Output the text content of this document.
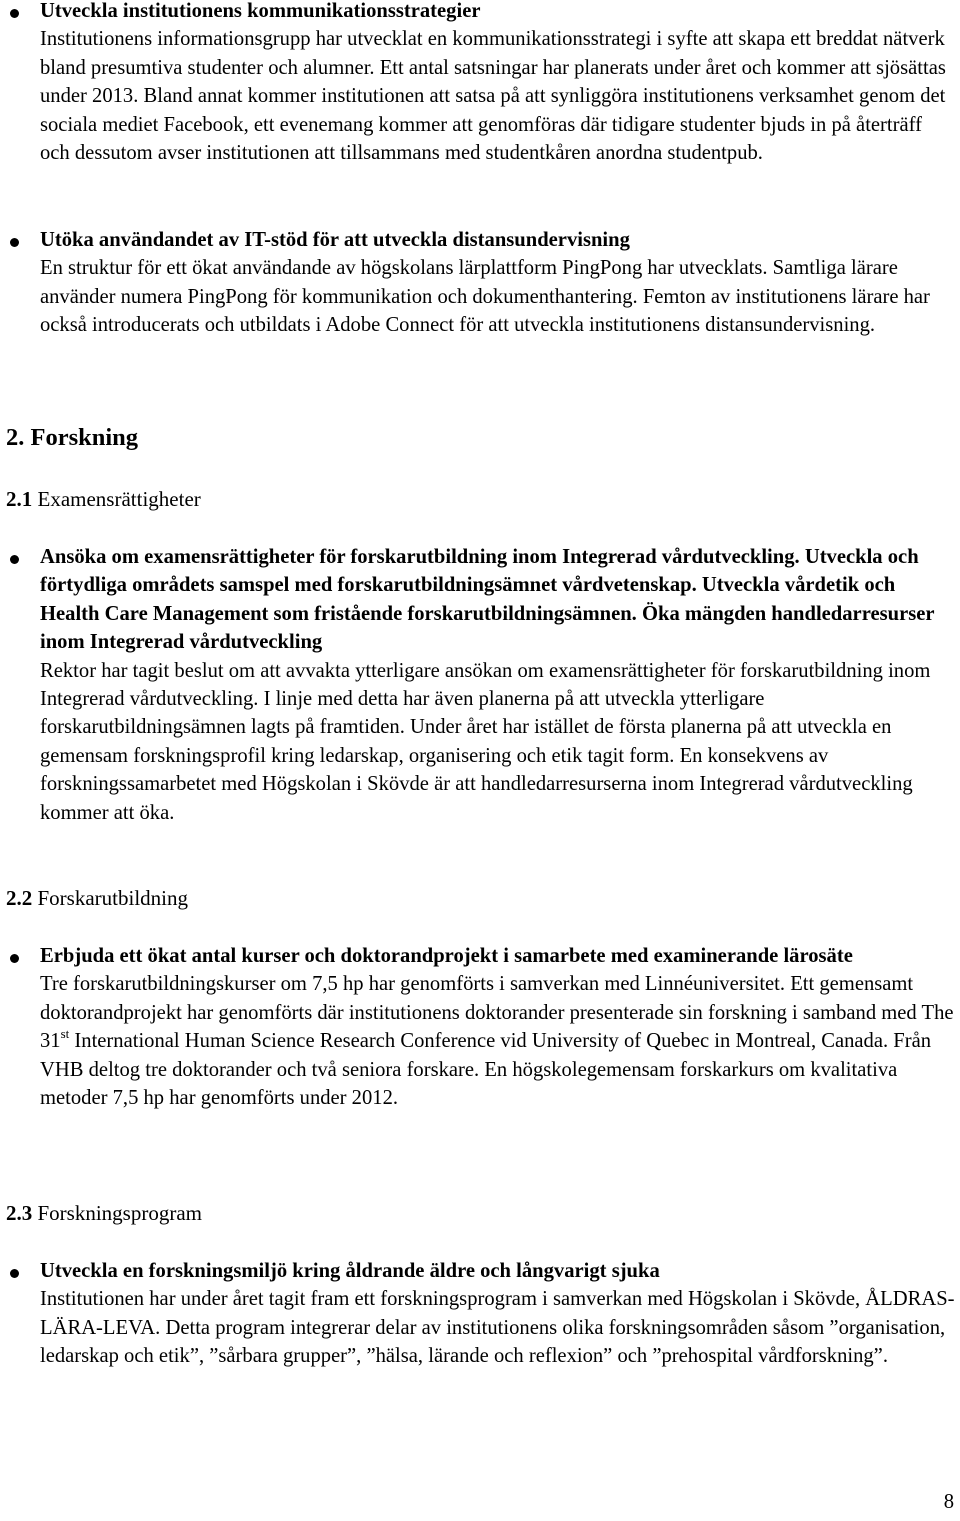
Utveckla institutionens kommunikationsstrategier

Institutionens informationsgrupp har utvecklat en kommunikationsstrategi i syfte att skapa ett breddat nätverk bland presumtiva studenter och alumner. Ett antal satsningar har planerats under året och kommer att sjösättas under 2013. Bland annat kommer institutionen att satsa på att synliggöra institutionens verksamhet genom det sociala mediet Facebook, ett evenemang kommer att genomföras där tidigare studenter bjuds in på återträff och dessutom avser institutionen att tillsammans med studentkåren anordna studentpub.

Utöka användandet av IT-stöd för att utveckla distansundervisning

En struktur för ett ökat användande av högskolans lärplattform PingPong har utvecklats. Samtliga lärare använder numera PingPong för kommunikation och dokumenthantering. Femton av institutionens lärare har också introducerats och utbildats i Adobe Connect för att utveckla institutionens distansundervisning.

2. Forskning
2.1 Examensrättigheter

Ansöka om examensrättigheter för forskarutbildning inom Integrerad vårdutveckling. Utveckla och förtydliga områdets samspel med forskarutbildningsämnet vårdvetenskap. Utveckla vårdetik och Health Care Management som fristående forskarutbildningsämnen. Öka mängden handledarresurser inom Integrerad vårdutveckling

Rektor har tagit beslut om att avvakta ytterligare ansökan om examensrättigheter för forskarutbildning inom Integrerad vårdutveckling. I linje med detta har även planerna på att utveckla ytterligare forskarutbildningsämnen lagts på framtiden. Under året har istället de första planerna på att utveckla en gemensam forskningsprofil kring ledarskap, organisering och etik tagit form. En konsekvens av forskningssamarbetet med Högskolan i Skövde är att handledarresurserna inom Integrerad vårdutveckling kommer att öka.

2.2 Forskarutbildning

Erbjuda ett ökat antal kurser och doktorandprojekt i samarbete med examinerande lärosäte

Tre forskarutbildningskurser om 7,5 hp har genomförts i samverkan med Linnéuniversitet. Ett gemensamt doktorandprojekt har genomförts där institutionens doktorander presenterade sin forskning i samband med The 31st International Human Science Research Conference vid University of Quebec in Montreal, Canada. Från VHB deltog tre doktorander och två seniora forskare. En högskolegemensam forskarkurs om kvalitativa metoder 7,5 hp har genomförts under 2012.

2.3 Forskningsprogram

Utveckla en forskningsmiljö kring åldrande äldre och långvarigt sjuka

Institutionen har under året tagit fram ett forskningsprogram i samverkan med Högskolan i Skövde, ÅLDRAS-LÄRA-LEVA. Detta program integrerar delar av institutionens olika forskningsområden såsom ”organisation, ledarskap och etik”, ”sårbara grupper”, ”hälsa, lärande och reflexion” och ”prehospital vårdforskning”.

8
